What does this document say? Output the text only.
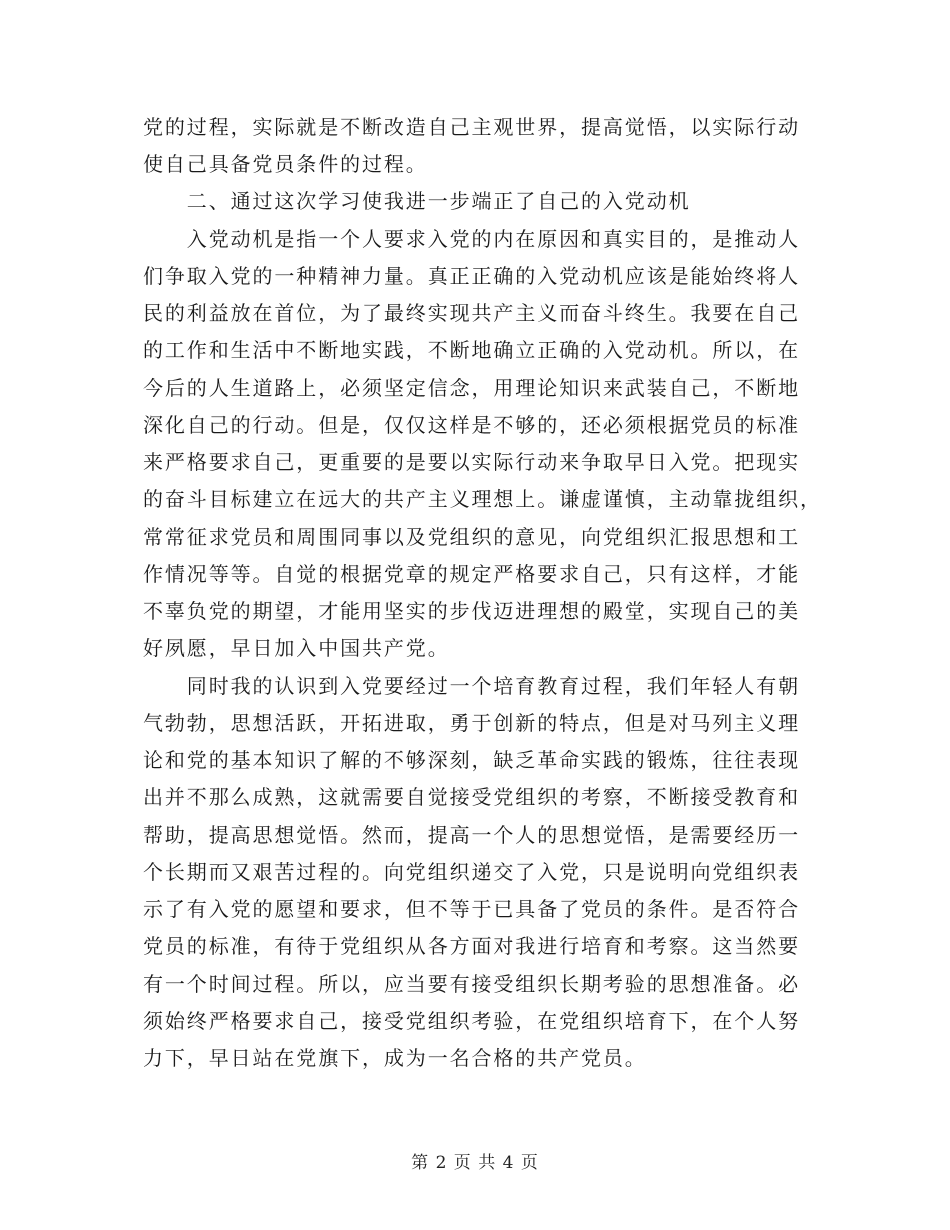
党的过程，实际就是不断改造自己主观世界，提高觉悟，以实际行动
使自己具备党员条件的过程。
　　二、通过这次学习使我进一步端正了自己的入党动机
　　入党动机是指一个人要求入党的内在原因和真实目的，是推动人
们争取入党的一种精神力量。真正正确的入党动机应该是能始终将人
民的利益放在首位，为了最终实现共产主义而奋斗终生。我要在自己
的工作和生活中不断地实践，不断地确立正确的入党动机。所以，在
今后的人生道路上，必须坚定信念，用理论知识来武装自己，不断地
深化自己的行动。但是，仅仅这样是不够的，还必须根据党员的标准
来严格要求自己，更重要的是要以实际行动来争取早日入党。把现实
的奋斗目标建立在远大的共产主义理想上。谦虚谨慎，主动靠拢组织，
常常征求党员和周围同事以及党组织的意见，向党组织汇报思想和工
作情况等等。自觉的根据党章的规定严格要求自己，只有这样，才能
不辜负党的期望，才能用坚实的步伐迈进理想的殿堂，实现自己的美
好夙愿，早日加入中国共产党。
　　同时我的认识到入党要经过一个培育教育过程，我们年轻人有朝
气勃勃，思想活跃，开拓进取，勇于创新的特点，但是对马列主义理
论和党的基本知识了解的不够深刻，缺乏革命实践的锻炼，往往表现
出并不那么成熟，这就需要自觉接受党组织的考察，不断接受教育和
帮助，提高思想觉悟。然而，提高一个人的思想觉悟，是需要经历一
个长期而又艰苦过程的。向党组织递交了入党，只是说明向党组织表
示了有入党的愿望和要求，但不等于已具备了党员的条件。是否符合
党员的标准，有待于党组织从各方面对我进行培育和考察。这当然要
有一个时间过程。所以，应当要有接受组织长期考验的思想准备。必
须始终严格要求自己，接受党组织考验，在党组织培育下，在个人努
力下，早日站在党旗下，成为一名合格的共产党员。
第 2 页 共 4 页
